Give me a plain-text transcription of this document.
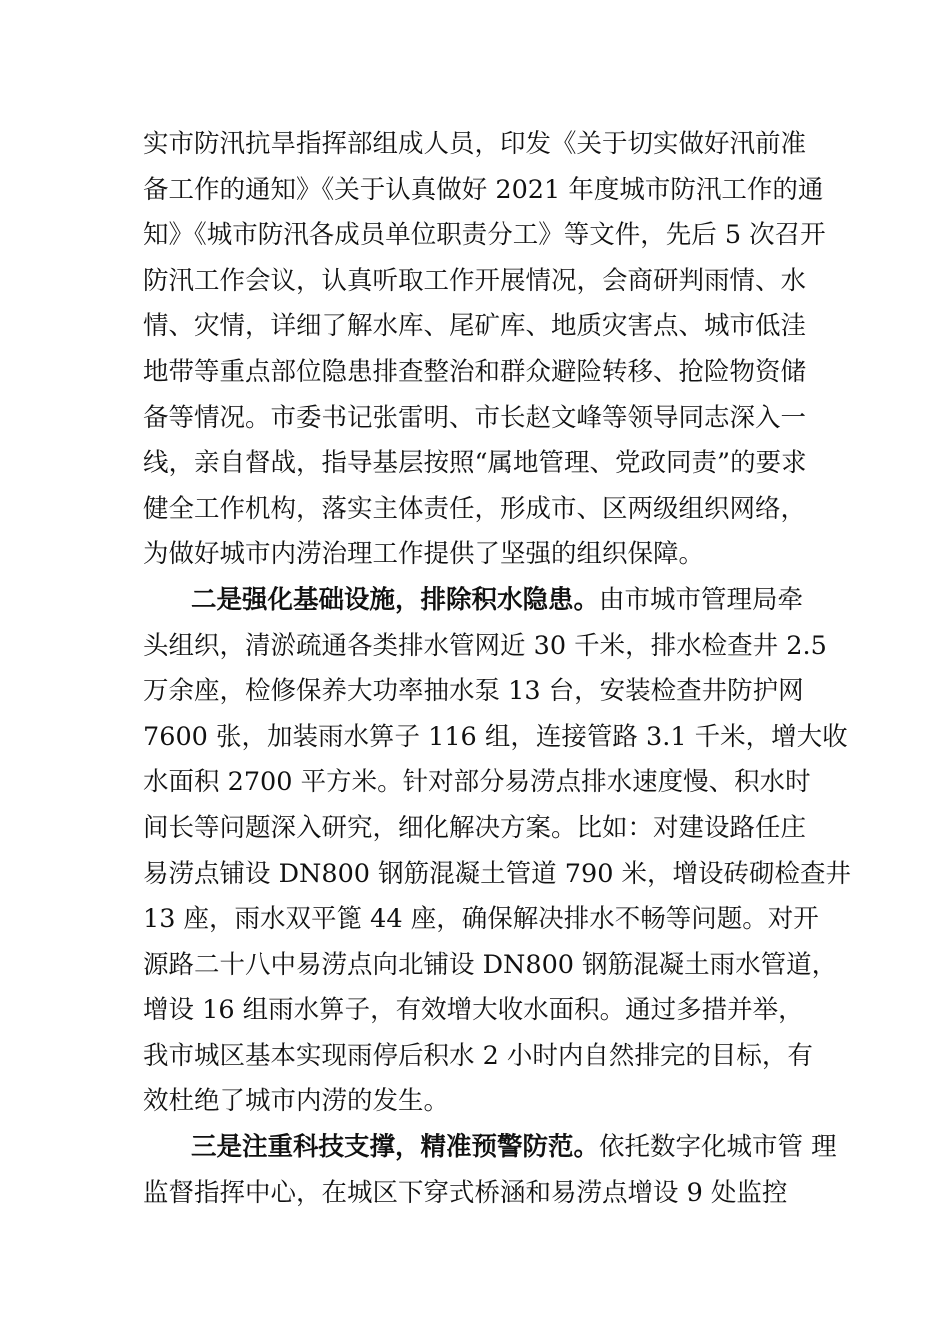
实市防汛抗旱指挥部组成人员，印发《关于切实做好汛前准
备工作的通知》《关于认真做好 2021 年度城市防汛工作的通
知》《城市防汛各成员单位职责分工》等文件，先后 5 次召开
防汛工作会议，认真听取工作开展情况，会商研判雨情、水
情、灾情，详细了解水库、尾矿库、地质灾害点、城市低洼
地带等重点部位隐患排查整治和群众避险转移、抢险物资储
备等情况。市委书记张雷明、市长赵文峰等领导同志深入一
线，亲自督战，指导基层按照“属地管理、党政同责”的要求
健全工作机构，落实主体责任，形成市、区两级组织网络，
为做好城市内涝治理工作提供了坚强的组织保障。
二是强化基础设施，排除积水隐患。由市城市管理局牵
头组织，清淤疏通各类排水管网近 30 千米，排水检查井 2.5
万余座，检修保养大功率抽水泵 13 台，安装检查井防护网
7600 张，加装雨水箅子 116 组，连接管路 3.1 千米，增大收
水面积 2700 平方米。针对部分易涝点排水速度慢、积水时
间长等问题深入研究，细化解决方案。比如：对建设路任庄
易涝点铺设 DN800 钢筋混凝土管道 790 米，增设砖砌检查井
13 座，雨水双平篦 44 座，确保解决排水不畅等问题。对开
源路二十八中易涝点向北铺设 DN800 钢筋混凝土雨水管道，
增设 16 组雨水箅子，有效增大收水面积。通过多措并举，
我市城区基本实现雨停后积水 2 小时内自然排完的目标，有
效杜绝了城市内涝的发生。
三是注重科技支撑，精准预警防范。依托数字化城市管 理
监督指挥中心，在城区下穿式桥涵和易涝点增设 9 处监控
